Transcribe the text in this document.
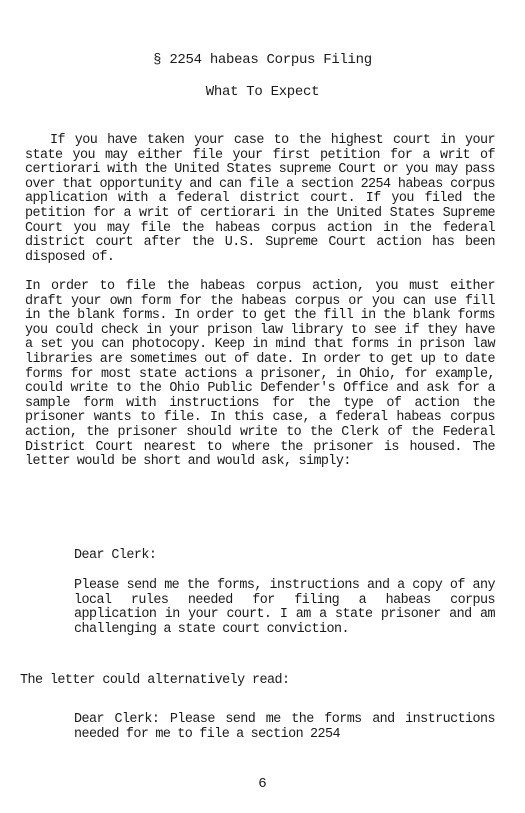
§ 2254 habeas Corpus Filing
What To Expect
If you have taken your case to the highest court in your state you may either file your first petition for a writ of certiorari with the United States supreme Court or you may pass over that opportunity and can file a section 2254 habeas corpus application with a federal district court. If you filed the petition for a writ of certiorari in the United States Supreme Court you may file the habeas corpus action in the federal district court after the U.S. Supreme Court action has been disposed of.
In order to file the habeas corpus action, you must either draft your own form for the habeas corpus or you can use fill in the blank forms. In order to get the fill in the blank forms you could check in your prison law library to see if they have a set you can photocopy. Keep in mind that forms in prison law libraries are sometimes out of date. In order to get up to date forms for most state actions a prisoner, in Ohio, for example, could write to the Ohio Public Defender's Office and ask for a sample form with instructions for the type of action the prisoner wants to file. In this case, a federal habeas corpus action, the prisoner should write to the Clerk of the Federal District Court nearest to where the prisoner is housed. The letter would be short and would ask, simply:
Dear Clerk:
Please send me the forms, instructions and a copy of any local rules needed for filing a habeas corpus application in your court. I am a state prisoner and am challenging a state court conviction.
The letter could alternatively read:
Dear Clerk: Please send me the forms and instructions needed for me to file a section 2254
6
